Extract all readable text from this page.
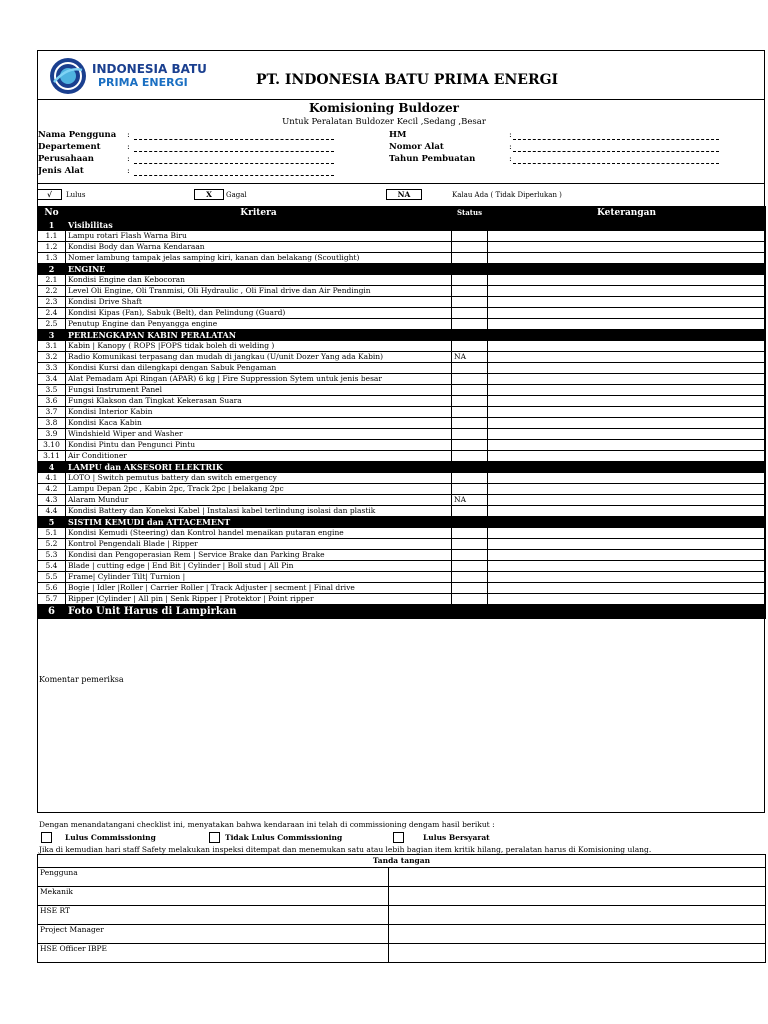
INDONESIA BATU
PRIMA ENERGI	PT. INDONESIA BATU PRIMA ENERGI
Komisioning Buldozer
Untuk Peralatan Buldozer Kecil ,Sedang ,Besar
Nama Pengguna :
Departement	:
Perusahaan	:
Jenis Alat	:
HM	:
Nomor Alat	:
Tahun Pembuatan	:
√	Lulus	X	Gagal	NA	Kalau Ada ( Tidak Diperlukan )
No	Kritera	Status	Keterangan
1	Visibilitas		
1.1	Lampu rotari Flash Warna Biru		
1.2	Kondisi Body dan Warna Kendaraan		
1.3	Nomer lambung tampak jelas samping kiri, kanan dan belakang (Scoutlight)		
2	ENGINE		
2.1	Kondisi Engine dan Kebocoran		
2.2	Level Oli Engine, Oli Tranmisi, Oli Hydraulic , Oli Final drive dan Air Pendingin		
2.3	Kondisi Drive Shaft		
2.4	Kondisi Kipas (Fan), Sabuk (Belt), dan Pelindung (Guard)		
2.5	Penutup Engine dan Penyangga engine		
3	PERLENGKAPAN KABIN PERALATAN		
3.1	Kabin | Kanopy ( ROPS |FOPS tidak boleh di welding )		
3.2	Radio Komunikasi terpasang dan mudah di jangkau (U/unit Dozer Yang ada Kabin)	NA	
3.3	Kondisi Kursi dan dilengkapi dengan Sabuk Pengaman		
3.4	Alat Pemadam Api Ringan (APAR) 6 kg | Fire Suppression Sytem untuk jenis besar		
3.5	Fungsi Instrument Panel		
3.6	Fungsi Klakson dan Tingkat Kekerasan Suara		
3.7	Kondisi Interior Kabin		
3.8	Kondisi Kaca Kabin		
3.9	Windshield Wiper and Washer		
3.10	Kondisi Pintu dan Pengunci Pintu		
3.11	Air Conditioner		
4	LAMPU dan AKSESORI ELEKTRIK		
4.1	LOTO | Switch pemutus battery dan switch emergency		
4.2	Lampu Depan 2pc , Kabin 2pc, Track 2pc | belakang 2pc		
4.3	Alaram Mundur	NA	
4.4	Kondisi Battery dan Koneksi Kabel | Instalasi kabel terlindung isolasi dan plastik		
5	SISTIM KEMUDI dan ATTACEMENT		
5.1	Kondisi Kemudi (Steering) dan Kontrol handel menaikan putaran engine		
5.2	Kontrol Pengendali Blade | Ripper		
5.3	Kondisi dan Pengoperasian Rem | Service Brake dan Parking Brake		
5.4	Blade | cutting edge | End Bit | Cylinder | Boll stud | All Pin		
5.5	Frame| Cylinder Tilt| Turnion |		
5.6	Bogie | Idler |Roller | Carrier Roller | Track Adjuster | secment | Final drive		
5.7	Ripper |Cylinder | All pin | Senk Ripper | Protektor | Point ripper		
6	Foto Unit Harus di Lampirkan		
Komentar pemeriksa
Dengan menandatangani checklist ini, menyatakan bahwa kendaraan ini telah di commissioning dengam hasil berikut :
Lulus Commissioning	Tidak Lulus Commissioning	Lulus Bersyarat
Jika di kemudian hari staff Safety melakukan inspeksi ditempat dan menemukan satu atau lebih bagian item kritik hilang, peralatan harus di Komisioning ulang.
Tanda tangan	
Pengguna	
Mekanik	
HSE RT	
Project Manager	
HSE Officer IBPE	
